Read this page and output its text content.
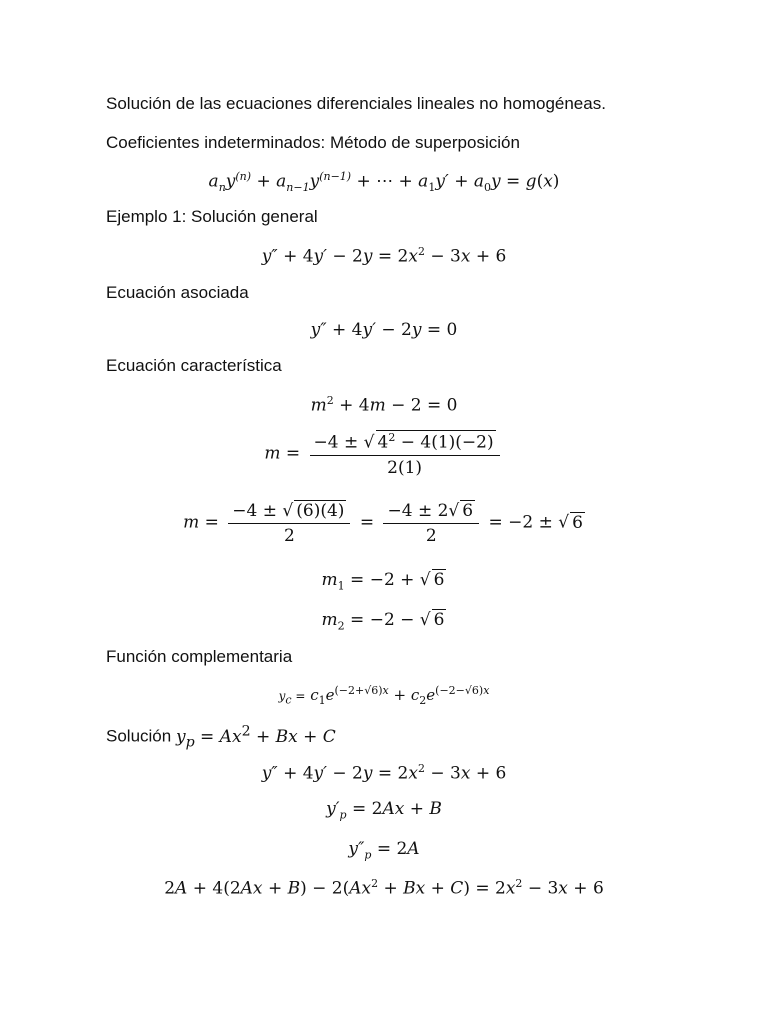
Solución de las ecuaciones diferenciales lineales no homogéneas.
Coeficientes indeterminados: Método de superposición
$a_ny^{(n)} + a_{n-1}y^{(n-1)}$ + ⋯ + $a_1y' + a_0y = g(x)$
Ejemplo 1: Solución general
$y'' + 4y' - 2y = 2x^2 - 3x + 6$
Ecuación asociada
y″ + 4y′ − 2y = 0
Ecuación característica
$m^2 + 4m - 2 = 0$
$m = \frac{-4 \pm √ 4^2 - 4(1)(-2)}{2(1)}$
$m = \frac{-4 \pm √ (6)(4)}{2} = \frac{-4 \pm 2√ 6}{2} = -2$ ± √ 6
$m_1 = -2$ + √ 6
$m_2 = -2$ − √ 6
Función complementaria
$y_c = c_1e^{(-2+√6)x} + c_2e^{(-2-√6)x}$
Solución $y_p = Ax^2 + Bx + C$
$y'' + 4y' - 2y = 2x^2 - 3x + 6$
$y'_p = 2Ax + B$
$y''_p = 2A$
$2A + 4(2Ax + B) - 2(Ax^2 + Bx + C) = 2x^2 - 3x + 6$
